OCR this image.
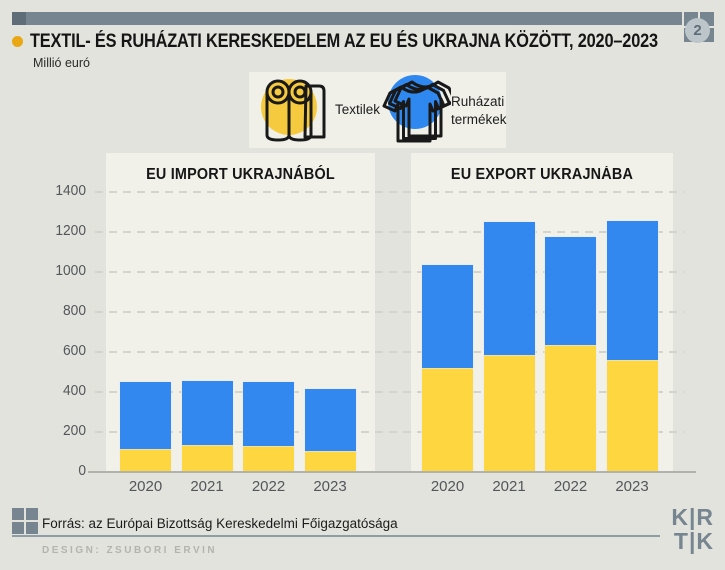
2
TEXTIL- ÉS RUHÁZATI KERESKEDELEM AZ EU ÉS UKRAJNA KÖZÖTT, 2020–2023
Millió euró
Textilek
Ruházati termékek
0
200
400
600
800
1000
1200
1400
EU IMPORT UKRAJNÁBÓL	EU EXPORT UKRAJNÁBA
2020 2021 2022 2023	2020 2021 2022 2023
Forrás: az Európai Bizottság Kereskedelmi Főigazgatósága
DESIGN: ZSUBORI ERVIN
K|R
T|K
